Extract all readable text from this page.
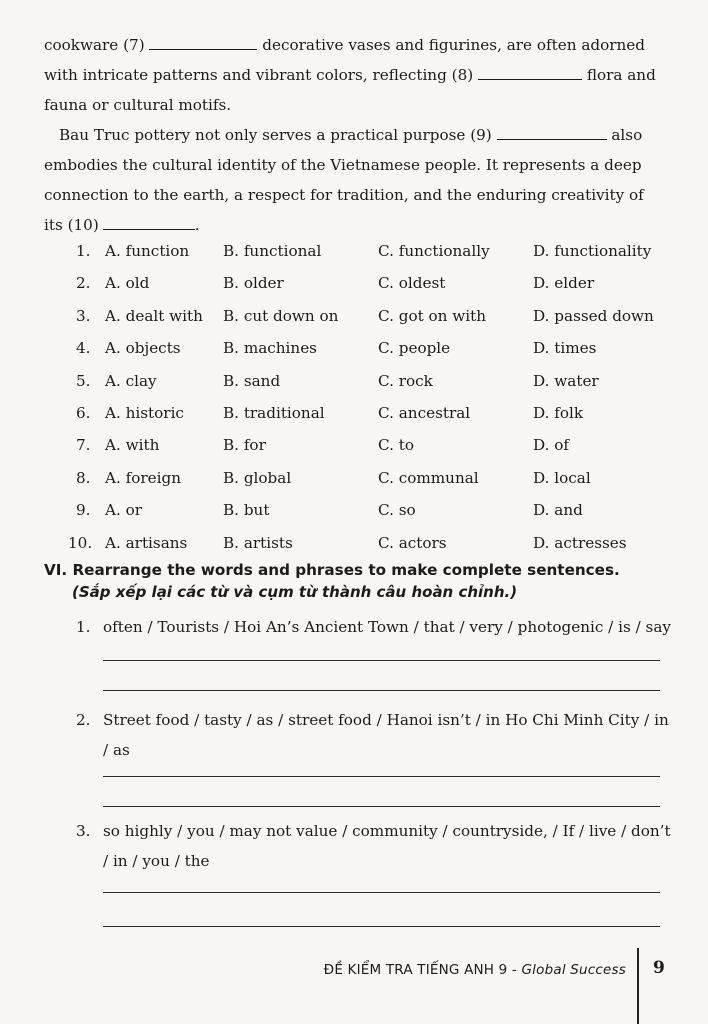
cookware (7)	decorative vases and figurines, are often adorned
with intricate patterns and vibrant colors, reflecting (8)	flora and
fauna or cultural motifs.
Bau Truc pottery not only serves a practical purpose (9)	also
embodies the cultural identity of the Vietnamese people. It represents a deep
connection to the earth, a respect for tradition, and the enduring creativity of
its (10)	.
1. A. function B. functional	C. functionally	D. functionality
2. A. old	B. older	C. oldest	D. elder
3. A. dealt with B. cut down on	C. got on with	D. passed down
4. A. objects	B. machines	C. people	D. times
5. A. clay	B. sand	C. rock	D. water
6. A. historic	B. traditional	C. ancestral	D. folk
7. A. with	B. for	C. to	D. of
8. A. foreign	B. global	C. communal	D. local
9. A. or	B. but	C. so	D. and
10. A. artisans B. artists	C. actors	D. actresses
VI. Rearrange the words and phrases to make complete sentences.
(Sắp xếp lại các từ và cụm từ thành câu hoàn chỉnh.)
1. often / Tourists / Hoi An’s Ancient Town / that / very / photogenic / is / say
2. Street food / tasty / as / street food / Hanoi isn’t / in Ho Chi Minh City / in / as
3. so highly / you / may not value / community / countryside, / If / live / don’t / in / you / the
ĐỀ KIỂM TRA TIẾNG ANH 9 - Global Success 9
